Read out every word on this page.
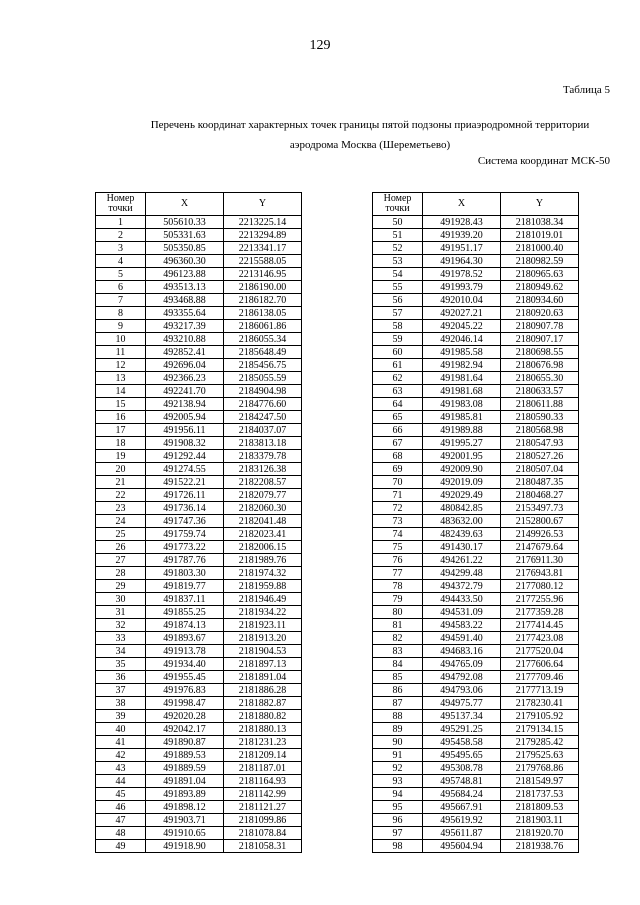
129
Таблица 5
Перечень координат характерных точек границы пятой подзоны приаэродромной территории
аэродрома Москва (Шереметьево)
Система координат МСК-50
Номер
точки	X	Y
1	505610.33	2213225.14
2	505331.63	2213294.89
3	505350.85	2213341.17
4	496360.30	2215588.05
5	496123.88	2213146.95
6	493513.13	2186190.00
7	493468.88	2186182.70
8	493355.64	2186138.05
9	493217.39	2186061.86
10	493210.88	2186055.34
11	492852.41	2185648.49
12	492696.04	2185456.75
13	492366.23	2185055.59
14	492241.70	2184904.98
15	492138.94	2184776.60
16	492005.94	2184247.50
17	491956.11	2184037.07
18	491908.32	2183813.18
19	491292.44	2183379.78
20	491274.55	2183126.38
21	491522.21	2182208.57
22	491726.11	2182079.77
23	491736.14	2182060.30
24	491747.36	2182041.48
25	491759.74	2182023.41
26	491773.22	2182006.15
27	491787.76	2181989.76
28	491803.30	2181974.32
29	491819.77	2181959.88
30	491837.11	2181946.49
31	491855.25	2181934.22
32	491874.13	2181923.11
33	491893.67	2181913.20
34	491913.78	2181904.53
35	491934.40	2181897.13
36	491955.45	2181891.04
37	491976.83	2181886.28
38	491998.47	2181882.87
39	492020.28	2181880.82
40	492042.17	2181880.13
41	491890.87	2181231.23
42	491889.53	2181209.14
43	491889.59	2181187.01
44	491891.04	2181164.93
45	491893.89	2181142.99
46	491898.12	2181121.27
47	491903.71	2181099.86
48	491910.65	2181078.84
49	491918.90	2181058.31
Номер
точки	X	Y
50	491928.43	2181038.34
51	491939.20	2181019.01
52	491951.17	2181000.40
53	491964.30	2180982.59
54	491978.52	2180965.63
55	491993.79	2180949.62
56	492010.04	2180934.60
57	492027.21	2180920.63
58	492045.22	2180907.78
59	492046.14	2180907.17
60	491985.58	2180698.55
61	491982.94	2180676.98
62	491981.64	2180655.30
63	491981.68	2180633.57
64	491983.08	2180611.88
65	491985.81	2180590.33
66	491989.88	2180568.98
67	491995.27	2180547.93
68	492001.95	2180527.26
69	492009.90	2180507.04
70	492019.09	2180487.35
71	492029.49	2180468.27
72	480842.85	2153497.73
73	483632.00	2152800.67
74	482439.63	2149926.53
75	491430.17	2147679.64
76	494261.22	2176911.30
77	494299.48	2176943.81
78	494372.79	2177080.12
79	494433.50	2177255.96
80	494531.09	2177359.28
81	494583.22	2177414.45
82	494591.40	2177423.08
83	494683.16	2177520.04
84	494765.09	2177606.64
85	494792.08	2177709.46
86	494793.06	2177713.19
87	494975.77	2178230.41
88	495137.34	2179105.92
89	495291.25	2179134.15
90	495458.58	2179285.42
91	495495.65	2179525.63
92	495308.78	2179768.86
93	495748.81	2181549.97
94	495684.24	2181737.53
95	495667.91	2181809.53
96	495619.92	2181903.11
97	495611.87	2181920.70
98	495604.94	2181938.76
